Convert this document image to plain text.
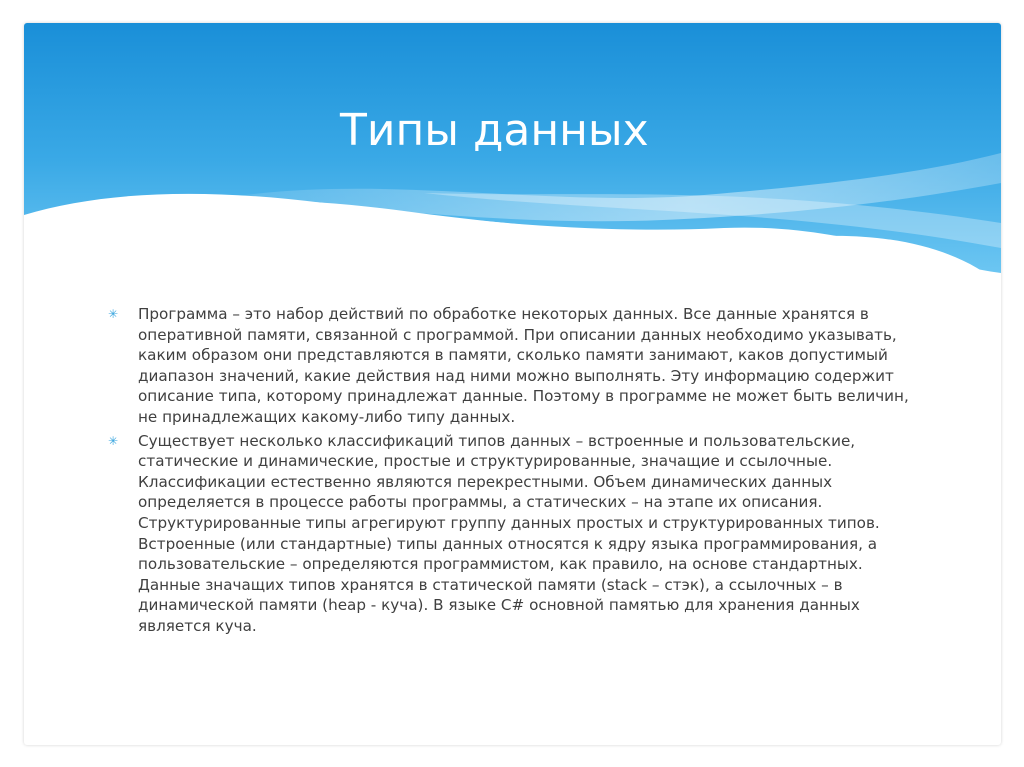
Типы данных

✳ Программа – это набор действий по обработке некоторых данных. Все данные хранятся в оперативной памяти, связанной с программой. При описании данных необходимо указывать, каким образом они представляются в памяти, сколько памяти занимают, каков допустимый диапазон значений, какие действия над ними можно выполнять. Эту информацию содержит описание типа, которому принадлежат данные. Поэтому в программе не может быть величин, не принадлежащих какому-либо типу данных.

✳ Существует несколько классификаций типов данных – встроенные и пользовательские, статические и динамические, простые и структурированные, значащие и ссылочные. Классификации естественно являются перекрестными. Объем динамических данных определяется в процессе работы программы, а статических – на этапе их описания. Структурированные типы агрегируют группу данных простых и структурированных типов. Встроенные (или стандартные) типы данных относятся к ядру языка программирования, а пользовательские – определяются программистом, как правило, на основе стандартных. Данные значащих типов хранятся в статической памяти (stack – стэк), а ссылочных – в динамической памяти (heap - куча). В языке C# основной памятью для хранения данных является куча.
